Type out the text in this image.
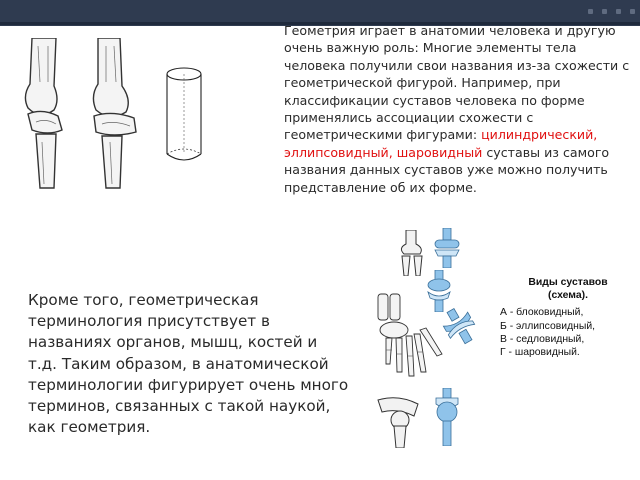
Геометрия играет в анатомии человека и другую очень важную роль: Многие элементы тела человека получили свои названия из-за схожести с геометрической фигурой. Например, при классификации суставов человека по форме применялись ассоциации схожести с геометрическими фигурами: цилиндрический, эллипсовидный, шаровидный суставы из самого названия данных суставов уже можно получить представление об их форме.

Виды суставов
(схема).
А - блоковидный,
Б - эллипсовидный,
В - седловидный,
Г - шаровидный.

Кроме того, геометрическая терминология присутствует в названиях органов, мышц, костей и т.д. Таким образом, в анатомической терминологии фигурирует очень много терминов, связанных с такой наукой, как геометрия.
